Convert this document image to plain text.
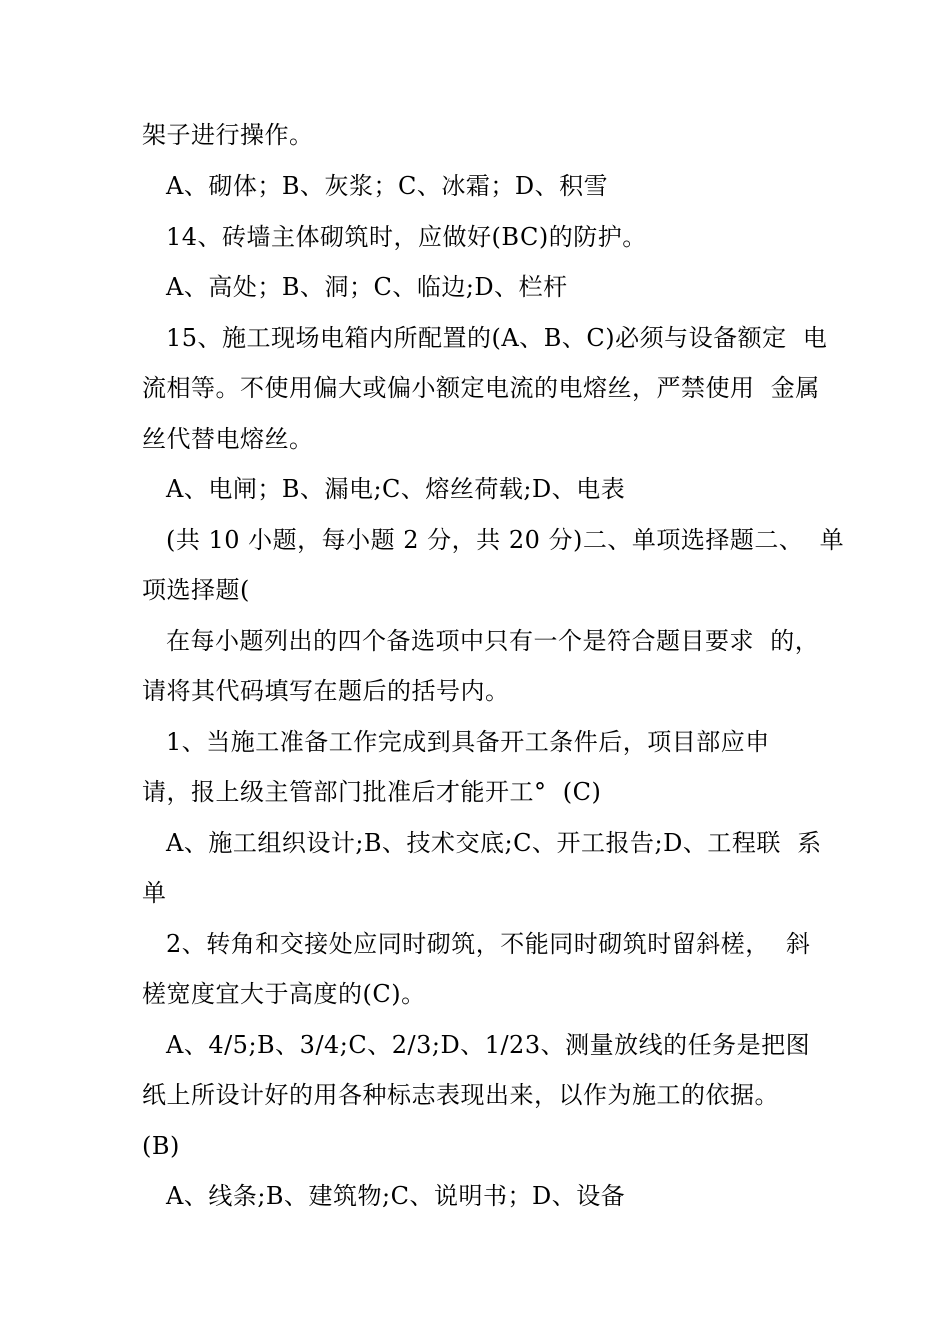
架子进行操作。
A、砌体；B、灰浆；C、冰霜；D、积雪
14、砖墙主体砌筑时，应做好(BC)的防护。
A、高处；B、洞；C、临边;D、栏杆
15、施工现场电箱内所配置的(A、B、C)必须与设备额定  电
流相等。不使用偏大或偏小额定电流的电熔丝，严禁使用  金属
丝代替电熔丝。
A、电闸；B、漏电;C、熔丝荷载;D、电表
(共 10 小题，每小题 2 分，共 20 分)二、单项选择题二、  单
项选择题(
在每小题列出的四个备选项中只有一个是符合题目要求  的，
请将其代码填写在题后的括号内。
1、当施工准备工作完成到具备开工条件后，项目部应申
请，报上级主管部门批准后才能开工°  (C)
A、施工组织设计;B、技术交底;C、开工报告;D、工程联  系
单
2、转角和交接处应同时砌筑，不能同时砌筑时留斜槎，  斜
槎宽度宜大于高度的(C)。
A、4/5;B、3/4;C、2/3;D、1/23、测量放线的任务是把图
纸上所设计好的用各种标志表现出来，以作为施工的依据。
(B)
A、线条;B、建筑物;C、说明书；D、设备
